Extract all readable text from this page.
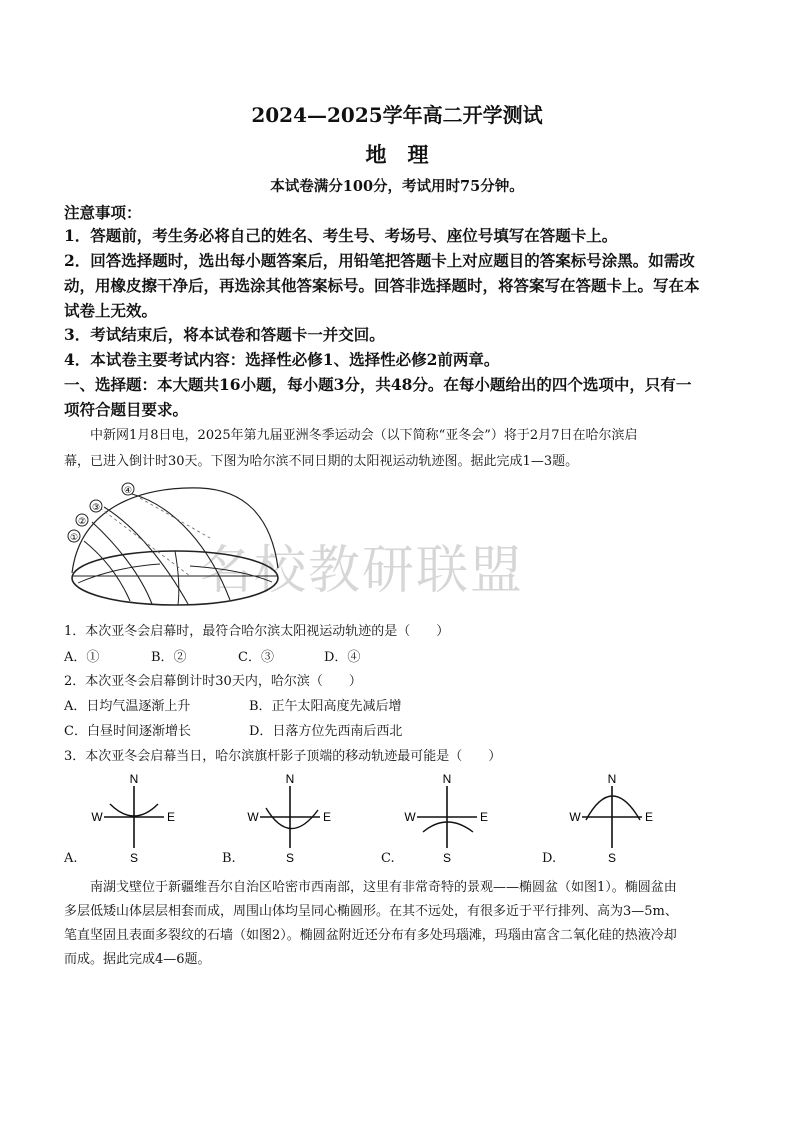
2024—2025学年高二开学测试
地　理
本试卷满分100分，考试用时75分钟。
注意事项：
1．答题前，考生务必将自己的姓名、考生号、考场号、座位号填写在答题卡上。
2．回答选择题时，选出每小题答案后，用铅笔把答题卡上对应题目的答案标号涂黑。如需改
动，用橡皮擦干净后，再选涂其他答案标号。回答非选择题时，将答案写在答题卡上。写在本
试卷上无效。
3．考试结束后，将本试卷和答题卡一并交回。
4．本试卷主要考试内容：选择性必修1、选择性必修2前两章。
一、选择题：本大题共16小题，每小题3分，共48分。在每小题给出的四个选项中，只有一
项符合题目要求。
中新网1月8日电，2025年第九届亚洲冬季运动会（以下简称“亚冬会”）将于2月7日在哈尔滨启
幕，已进入倒计时30天。下图为哈尔滨不同日期的太阳视运动轨迹图。据此完成1—3题。
名校教研联盟
①
②
③
④
1．本次亚冬会启幕时，最符合哈尔滨太阳视运动轨迹的是（　　）
A．①	B．②	C．③	D．④
2．本次亚冬会启幕倒计时30天内，哈尔滨（　　）
A．日均气温逐渐上升	B．正午太阳高度先减后增
C．白昼时间逐渐增长	D．日落方位先西南后西北
3．本次亚冬会启幕当日，哈尔滨旗杆影子顶端的移动轨迹最可能是（　　）
N
S
W	E
A.
N
S
W	E
B.
N
S
W	E
C.
N
S
W	E
D.
南湖戈壁位于新疆维吾尔自治区哈密市西南部，这里有非常奇特的景观——椭圆盆（如图1）。椭圆盆由
多层低矮山体层层相套而成，周围山体均呈同心椭圆形。在其不远处，有很多近于平行排列、高为3—5m、
笔直坚固且表面多裂纹的石墙（如图2）。椭圆盆附近还分布有多处玛瑙滩，玛瑙由富含二氧化硅的热液冷却
而成。据此完成4—6题。
